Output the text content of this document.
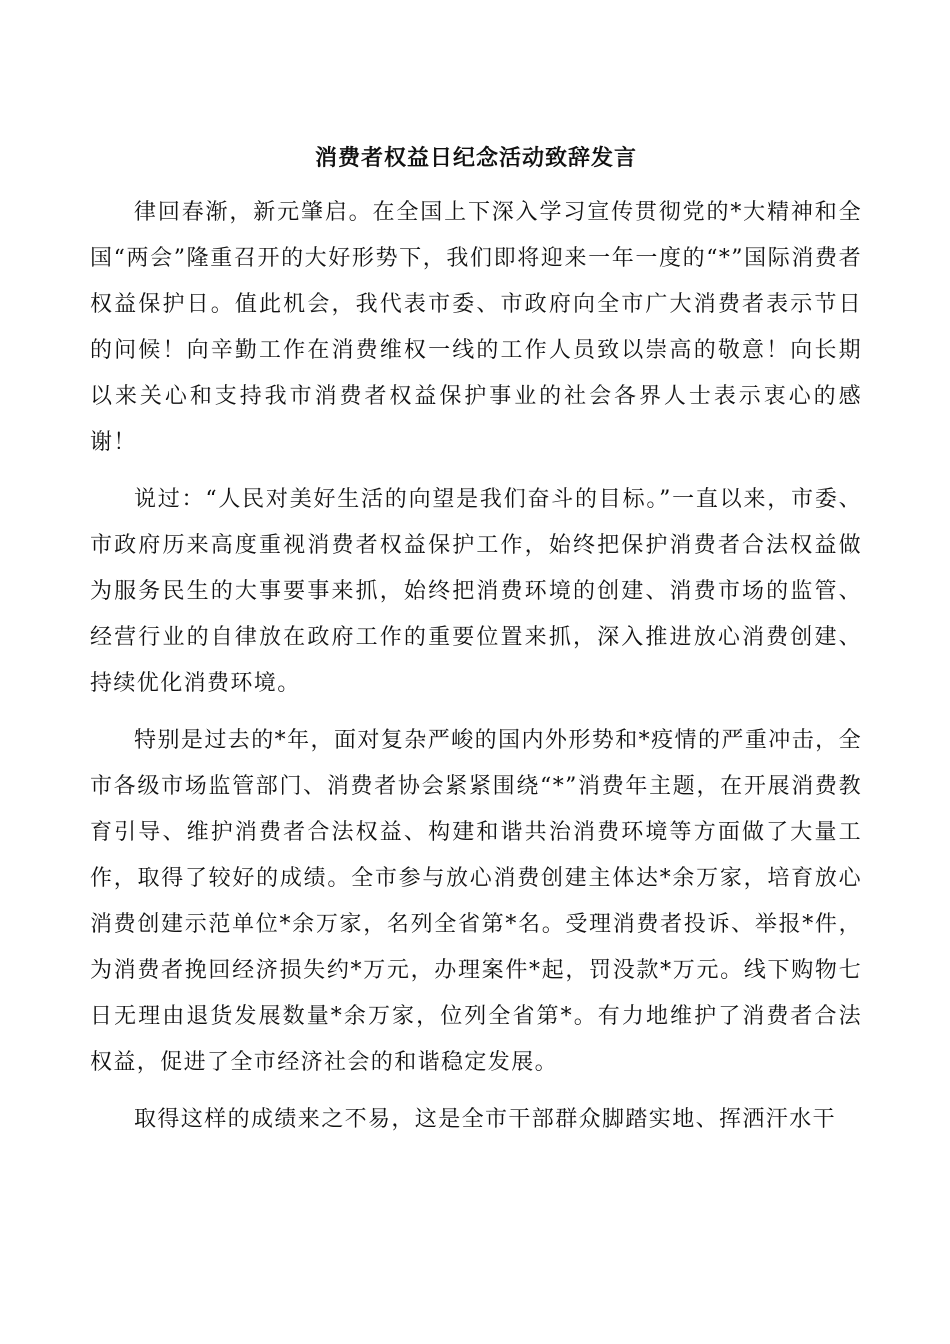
消费者权益日纪念活动致辞发言

律回春渐，新元肇启。在全国上下深入学习宣传贯彻党的*大精神和全国“两会”隆重召开的大好形势下，我们即将迎来一年一度的“*”国际消费者权益保护日。值此机会，我代表市委、市政府向全市广大消费者表示节日的问候！向辛勤工作在消费维权一线的工作人员致以崇高的敬意！向长期以来关心和支持我市消费者权益保护事业的社会各界人士表示衷心的感谢！

说过：“人民对美好生活的向望是我们奋斗的目标。”一直以来，市委、市政府历来高度重视消费者权益保护工作，始终把保护消费者合法权益做为服务民生的大事要事来抓，始终把消费环境的创建、消费市场的监管、经营行业的自律放在政府工作的重要位置来抓，深入推进放心消费创建、持续优化消费环境。

特别是过去的*年，面对复杂严峻的国内外形势和*疫情的严重冲击，全市各级市场监管部门、消费者协会紧紧围绕“*”消费年主题，在开展消费教育引导、维护消费者合法权益、构建和谐共治消费环境等方面做了大量工作，取得了较好的成绩。全市参与放心消费创建主体达*余万家，培育放心消费创建示范单位*余万家，名列全省第*名。受理消费者投诉、举报*件，为消费者挽回经济损失约*万元，办理案件*起，罚没款*万元。线下购物七日无理由退货发展数量*余万家，位列全省第*。有力地维护了消费者合法权益，促进了全市经济社会的和谐稳定发展。

取得这样的成绩来之不易，这是全市干部群众脚踏实地、挥洒汗水干
